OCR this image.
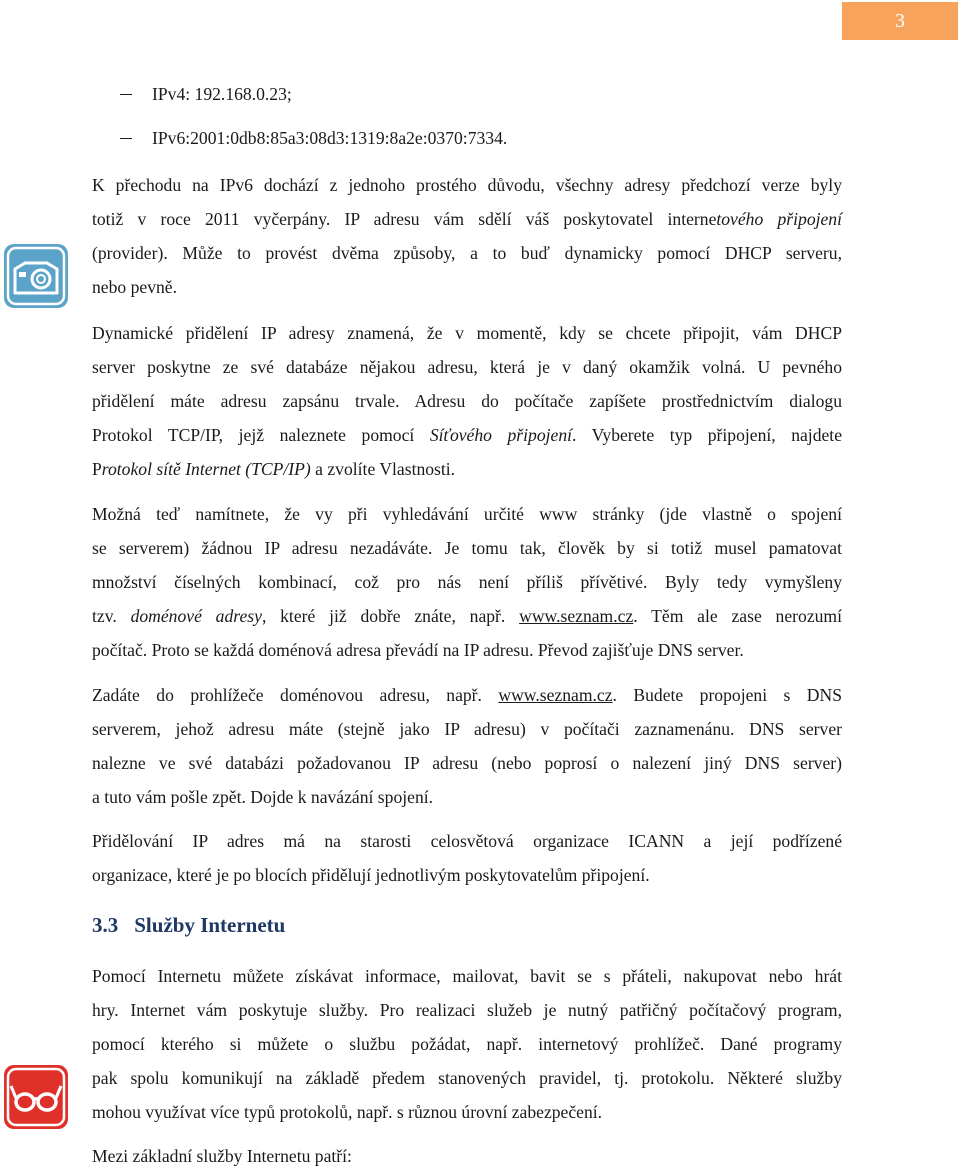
3

IPv4: 192.168.0.23;

IPv6:2001:0db8:85a3:08d3:1319:8a2e:0370:7334.

K přechodu na IPv6 dochází z jednoho prostého důvodu, všechny adresy předchozí verze byly

totiž v roce 2011 vyčerpány. IP adresu vám sdělí váš poskytovatel internetového připojení

(provider). Může to provést dvěma způsoby, a to buď dynamicky pomocí DHCP serveru,

nebo pevně.

Dynamické přidělení IP adresy znamená, že v momentě, kdy se chcete připojit, vám DHCP

server poskytne ze své databáze nějakou adresu, která je v daný okamžik volná. U pevného

přidělení máte adresu zapsánu trvale. Adresu do počítače zapíšete prostřednictvím dialogu

Protokol TCP/IP, jejž naleznete pomocí Síťového připojení. Vyberete typ připojení, najdete

Protokol sítě Internet (TCP/IP) a zvolíte Vlastnosti.

Možná teď namítnete, že vy při vyhledávání určité www stránky (jde vlastně o spojení

se serverem) žádnou IP adresu nezadáváte. Je tomu tak, člověk by si totiž musel pamatovat

množství číselných kombinací, což pro nás není příliš přívětivé. Byly tedy vymyšleny

tzv. doménové adresy, které již dobře znáte, např. www.seznam.cz. Těm ale zase nerozumí

počítač. Proto se každá doménová adresa převádí na IP adresu. Převod zajišťuje DNS server.

Zadáte do prohlížeče doménovou adresu, např. www.seznam.cz. Budete propojeni s DNS

serverem, jehož adresu máte (stejně jako IP adresu) v počítači zaznamenánu. DNS server

nalezne ve své databázi požadovanou IP adresu (nebo poprosí o nalezení jiný DNS server)

a tuto vám pošle zpět. Dojde k navázání spojení.

Přidělování IP adres má na starosti celosvětová organizace ICANN a její podřízené

organizace, které je po blocích přidělují jednotlivým poskytovatelům připojení.

3.3 Služby Internetu

Pomocí Internetu můžete získávat informace, mailovat, bavit se s přáteli, nakupovat nebo hrát

hry. Internet vám poskytuje služby. Pro realizaci služeb je nutný patřičný počítačový program,

pomocí kterého si můžete o službu požádat, např. internetový prohlížeč. Dané programy

pak spolu komunikují na základě předem stanovených pravidel, tj. protokolu. Některé služby

mohou využívat více typů protokolů, např. s různou úrovní zabezpečení.

Mezi základní služby Internetu patří:
